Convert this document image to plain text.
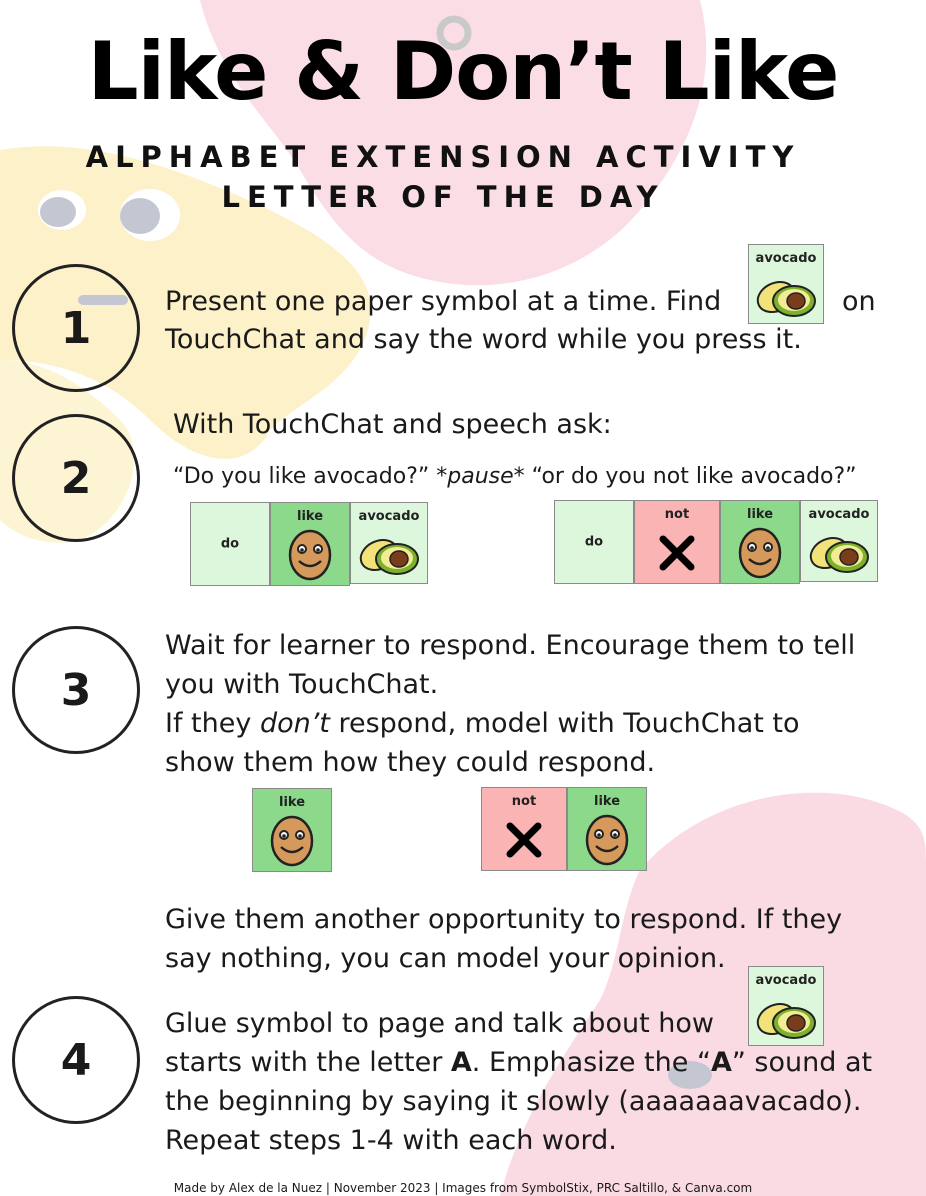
Like & Don’t Like
ALPHABET EXTENSION ACTIVITY
LETTER OF THE DAY
1
2
3
4
Present one paper symbol at a time. Find	on
TouchChat and say the word while you press it.
avocado
With TouchChat and speech ask:
“Do you like avocado?” *pause* “or do you not like avocado?”
do
like	avocado
do
not	like	avocado
Wait for learner to respond. Encourage them to tell
you with TouchChat.
If they don’t respond, model with TouchChat to
show them how they could respond.
like	not	like
Give them another opportunity to respond. If they
say nothing, you can model your opinion.
Glue symbol to page and talk about how
avocado
starts with the letter A. Emphasize the “A” sound at
the beginning by saying it slowly (aaaaaaavacado).
Repeat steps 1-4 with each word.
Made by Alex de la Nuez | November 2023 | Images from SymbolStix, PRC Saltillo, & Canva.com
